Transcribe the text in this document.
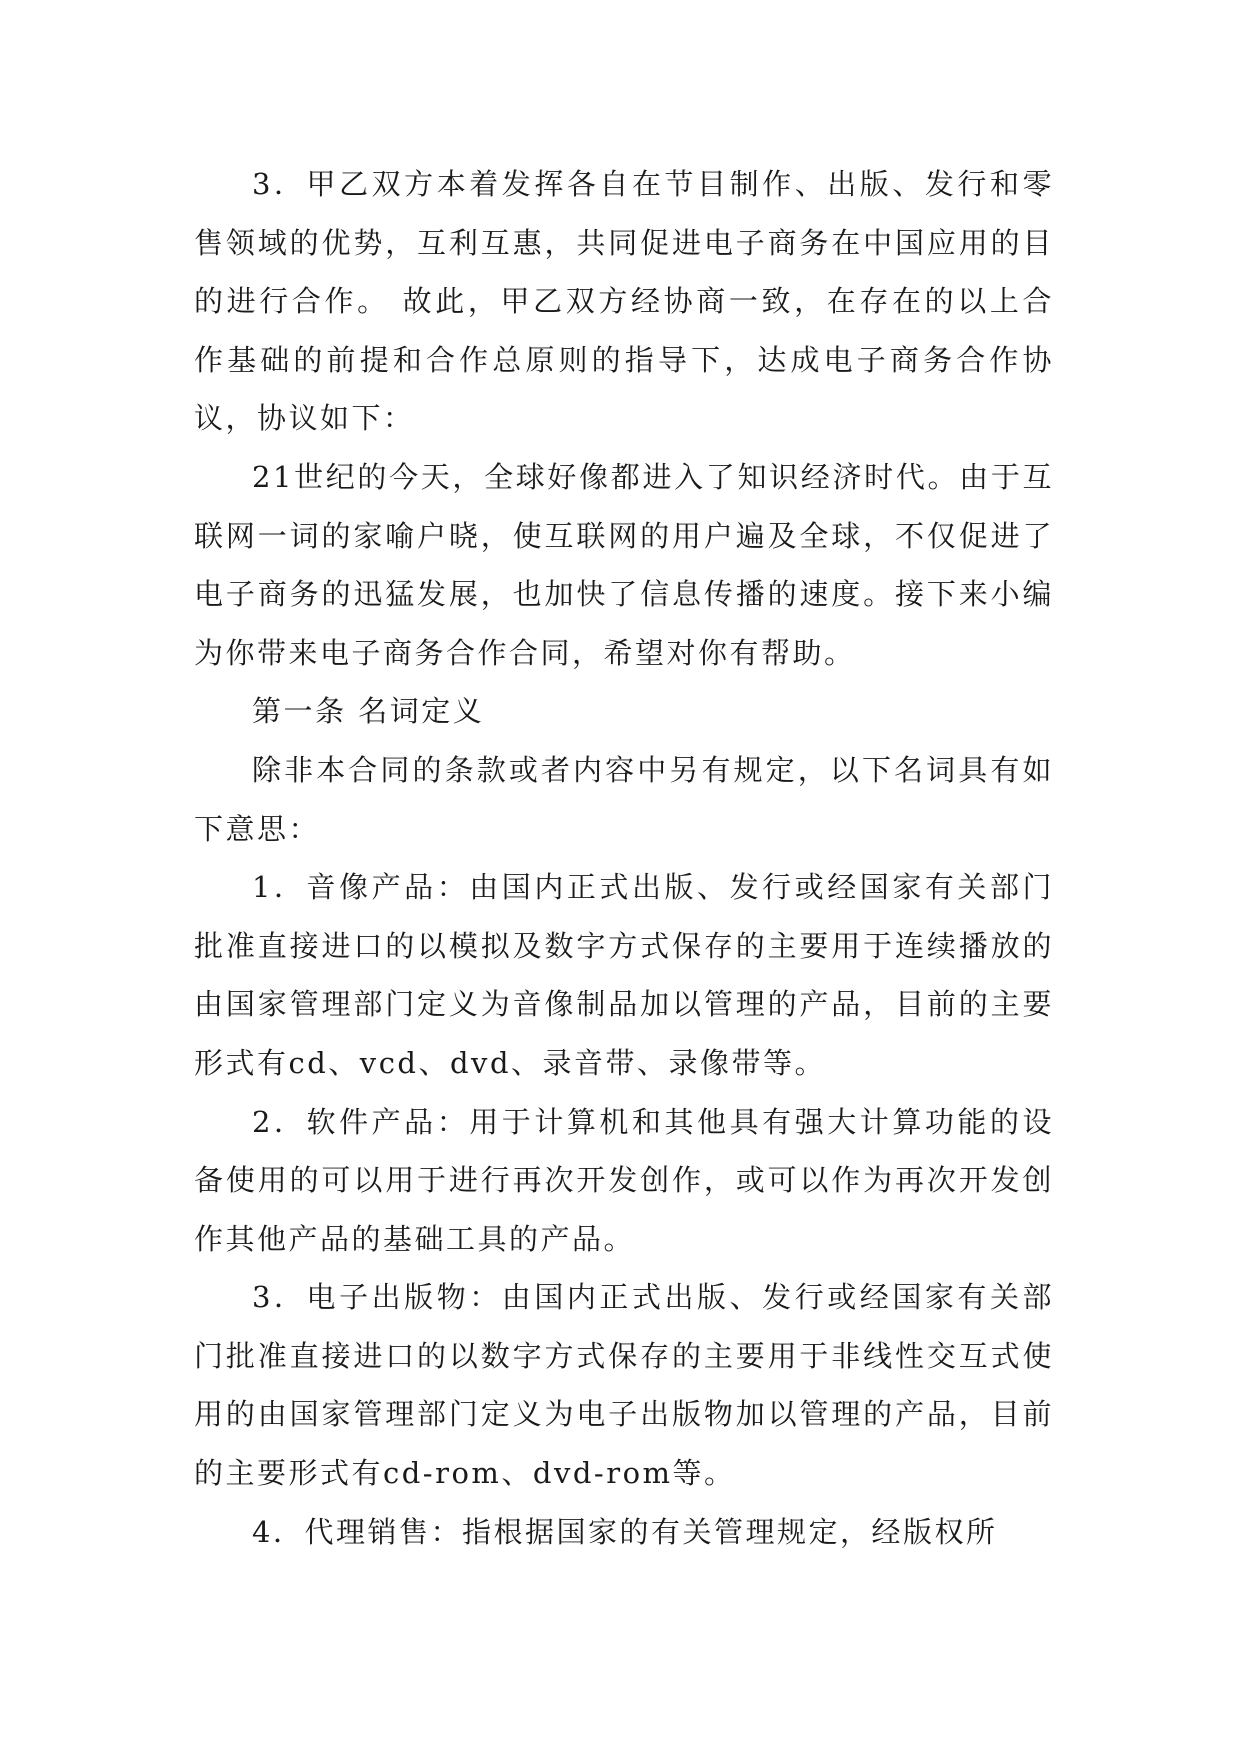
3．甲乙双方本着发挥各自在节目制作、出版、发行和零售领域的优势，互利互惠，共同促进电子商务在中国应用的目的进行合作。 故此，甲乙双方经协商一致，在存在的以上合作基础的前提和合作总原则的指导下，达成电子商务合作协议，协议如下：

21世纪的今天，全球好像都进入了知识经济时代。由于互联网一词的家喻户晓，使互联网的用户遍及全球，不仅促进了电子商务的迅猛发展，也加快了信息传播的速度。接下来小编为你带来电子商务合作合同，希望对你有帮助。

第一条 名词定义

除非本合同的条款或者内容中另有规定，以下名词具有如下意思：

1．音像产品：由国内正式出版、发行或经国家有关部门批准直接进口的以模拟及数字方式保存的主要用于连续播放的由国家管理部门定义为音像制品加以管理的产品，目前的主要形式有cd、vcd、dvd、录音带、录像带等。

2．软件产品：用于计算机和其他具有强大计算功能的设备使用的可以用于进行再次开发创作，或可以作为再次开发创作其他产品的基础工具的产品。

3．电子出版物：由国内正式出版、发行或经国家有关部门批准直接进口的以数字方式保存的主要用于非线性交互式使用的由国家管理部门定义为电子出版物加以管理的产品，目前的主要形式有cd-rom、dvd-rom等。

4．代理销售：指根据国家的有关管理规定，经版权所
